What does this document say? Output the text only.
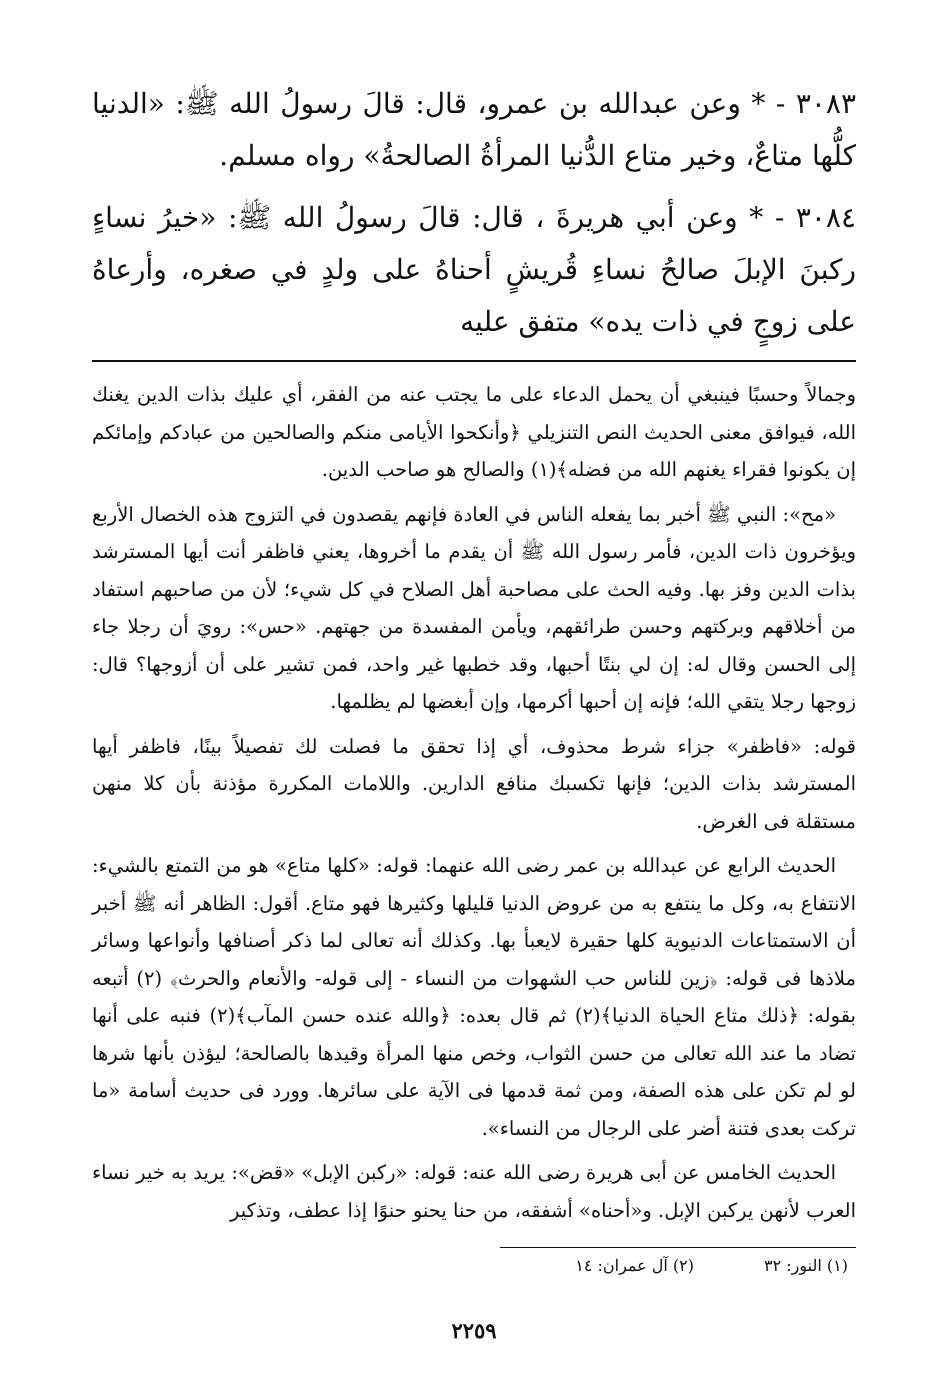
٣٠٨٣ - * وعن عبدالله بن عمرو، قال: قالَ رسولُ الله ﷺ: «الدنيا كلُّها متاعٌ، وخير متاع الدُّنيا المرأةُ الصالحةُ» رواه مسلم.

٣٠٨٤ - * وعن أبي هريرةَ ، قال: قالَ رسولُ الله ﷺ: «خيرُ نساءٍ ركبنَ الإبلَ صالحُ نساءِ قُريشٍ أحناهُ على ولدٍ في صغره، وأرعاهُ على زوجٍ في ذات يده» متفق عليه

وجمالاً وحسبًا فينبغي أن يحمل الدعاء على ما يجتب عنه من الفقر، أي عليك بذات الدين يغنك الله، فيوافق معنى الحديث النص التنزيلي ﴿وأنكحوا الأيامى منكم والصالحين من عبادكم وإمائكم إن يكونوا فقراء يغنهم الله من فضله﴾(١) والصالح هو صاحب الدين.

«مح»: النبي ﷺ أخبر بما يفعله الناس في العادة فإنهم يقصدون في التزوج هذه الخصال الأربع ويؤخرون ذات الدين، فأمر رسول الله ﷺ أن يقدم ما أخروها، يعني فاظفر أنت أيها المسترشد بذات الدين وفز بها. وفيه الحث على مصاحبة أهل الصلاح في كل شيء؛ لأن من صاحبهم استفاد من أخلاقهم وبركتهم وحسن طرائقهم، ويأمن المفسدة من جهتهم. «حس»: رويَ أن رجلا جاء إلى الحسن وقال له: إن لي بنتًا أحبها، وقد خطبها غير واحد، فمن تشير على أن أزوجها؟ قال: زوجها رجلا يتقي الله؛ فإنه إن أحبها أكرمها، وإن أبغضها لم يظلمها.

قوله: «فاظفر» جزاء شرط محذوف، أي إذا تحقق ما فصلت لك تفصيلاً بينًا، فاظفر أيها المسترشد بذات الدين؛ فإنها تكسبك منافع الدارين. واللامات المكررة مؤذنة بأن كلا منهن مستقلة فى الغرض.

الحديث الرابع عن عبدالله بن عمر رضى الله عنهما: قوله: «كلها متاع» هو من التمتع بالشيء: الانتفاع به، وكل ما ينتفع به من عروض الدنيا قليلها وكثيرها فهو متاع. أقول: الظاهر أنه ﷺ أخبر أن الاستمتاعات الدنيوية كلها حقيرة لايعبأ بها. وكذلك أنه تعالى لما ذكر أصنافها وأنواعها وسائر ملاذها فى قوله: ﴿زين للناس حب الشهوات من النساء - إلى قوله- والأنعام والحرث﴾ (٢) أتبعه بقوله: ﴿ذلك متاع الحياة الدنيا﴾(٢) ثم قال بعده: ﴿والله عنده حسن المآب﴾(٢) فنبه على أنها تضاد ما عند الله تعالى من حسن الثواب، وخص منها المرأة وقيدها بالصالحة؛ ليؤذن بأنها شرها لو لم تكن على هذه الصفة، ومن ثمة قدمها فى الآية على سائرها. وورد فى حديث أسامة «ما تركت بعدى فتنة أضر على الرجال من النساء».

الحديث الخامس عن أبى هريرة رضى الله عنه: قوله: «ركبن الإبل» «قض»: يريد به خير نساء العرب لأنهن يركبن الإبل. و«أحناه» أشفقه، من حنا يحنو حنوًا إذا عطف، وتذكير

(١) النور: ٣٢
(٢) آل عمران: ١٤
٢٢٥٩
